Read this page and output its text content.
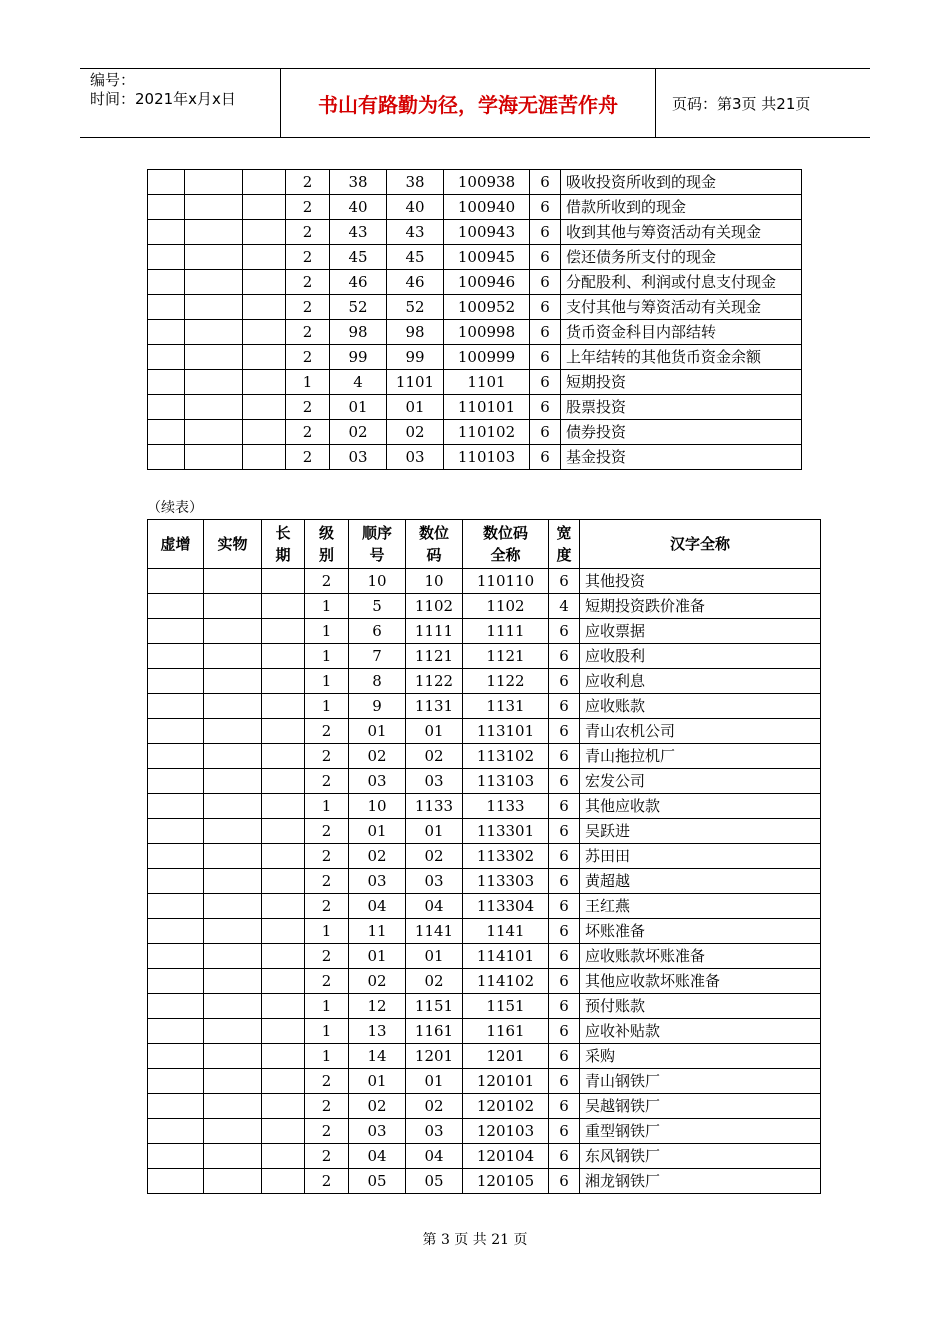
编号：
时间：2021年x月x日	书山有路勤为径，学海无涯苦作舟	页码：第3页 共21页
			2	38	38	100938	6	吸收投资所收到的现金
			2	40	40	100940	6	借款所收到的现金
			2	43	43	100943	6	收到其他与筹资活动有关现金
			2	45	45	100945	6	偿还债务所支付的现金
			2	46	46	100946	6	分配股利、利润或付息支付现金
			2	52	52	100952	6	支付其他与筹资活动有关现金
			2	98	98	100998	6	货币资金科目内部结转
			2	99	99	100999	6	上年结转的其他货币资金余额
			1	4	1101	1101	6	短期投资
			2	01	01	110101	6	股票投资
			2	02	02	110102	6	债券投资
			2	03	03	110103	6	基金投资
（续表）
虚增	实物	长期	级别	顺序号	数位码	数位码全称	宽度	汉字全称
			2	10	10	110110	6	其他投资
			1	5	1102	1102	4	短期投资跌价准备
			1	6	1111	1111	6	应收票据
			1	7	1121	1121	6	应收股利
			1	8	1122	1122	6	应收利息
			1	9	1131	1131	6	应收账款
			2	01	01	113101	6	青山农机公司
			2	02	02	113102	6	青山拖拉机厂
			2	03	03	113103	6	宏发公司
			1	10	1133	1133	6	其他应收款
			2	01	01	113301	6	吴跃进
			2	02	02	113302	6	苏田田
			2	03	03	113303	6	黄超越
			2	04	04	113304	6	王红燕
			1	11	1141	1141	6	坏账准备
			2	01	01	114101	6	应收账款坏账准备
			2	02	02	114102	6	其他应收款坏账准备
			1	12	1151	1151	6	预付账款
			1	13	1161	1161	6	应收补贴款
			1	14	1201	1201	6	采购
			2	01	01	120101	6	青山钢铁厂
			2	02	02	120102	6	吴越钢铁厂
			2	03	03	120103	6	重型钢铁厂
			2	04	04	120104	6	东风钢铁厂
			2	05	05	120105	6	湘龙钢铁厂
第 3 页 共 21 页
